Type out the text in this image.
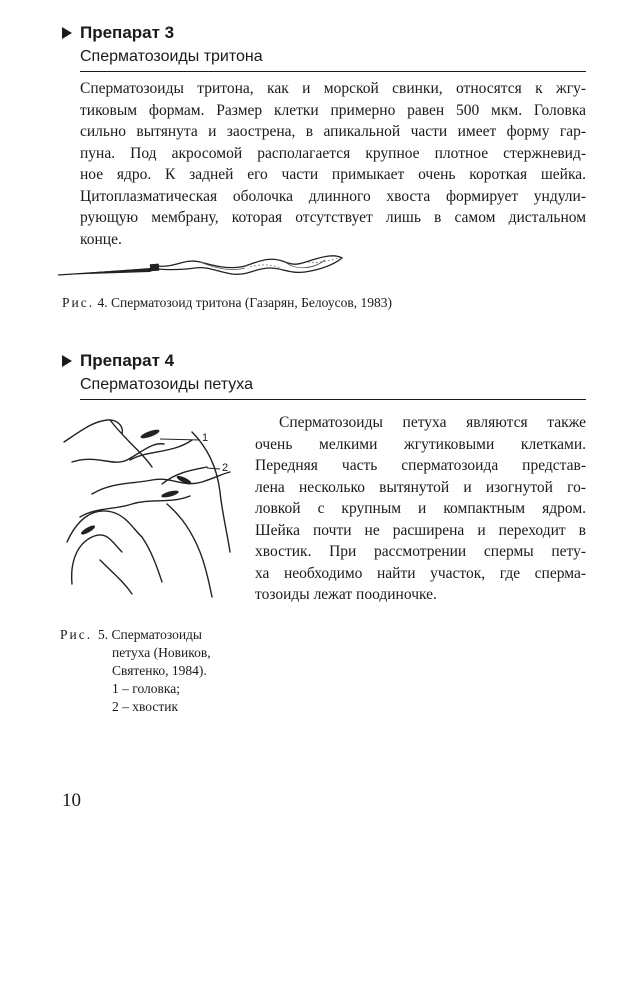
Препарат 3
Сперматозоиды тритона
Сперматозоиды тритона, как и морской свинки, относятся к жгу-
тиковым формам. Размер клетки примерно равен 500 мкм. Головка
сильно вытянута и заострена, в апикальной части имеет форму гар-
пуна. Под акросомой располагается крупное плотное стержневид-
ное ядро. К задней его части примыкает очень короткая шейка.
Цитоплазматическая оболочка длинного хвоста формирует ундули-
рующую мембрану, которая отсутствует лишь в самом дистальном
конце.
Рис. 4. Сперматозоид тритона (Газарян, Белоусов, 1983)
Препарат 4
Сперматозоиды петуха
Сперматозоиды петуха являются также
очень мелкими жгутиковыми клетками.
Передняя часть сперматозоида представ-
лена несколько вытянутой и изогнутой го-
ловкой с крупным и компактным ядром.
Шейка почти не расширена и переходит в
хвостик. При рассмотрении спермы пету-
ха необходимо найти участок, где сперма-
тозоиды лежат поодиночке.
1
2
Рис. 5. Сперматозоиды
петуха (Новиков,
Святенко, 1984).
1 – головка;
2 – хвостик
10
